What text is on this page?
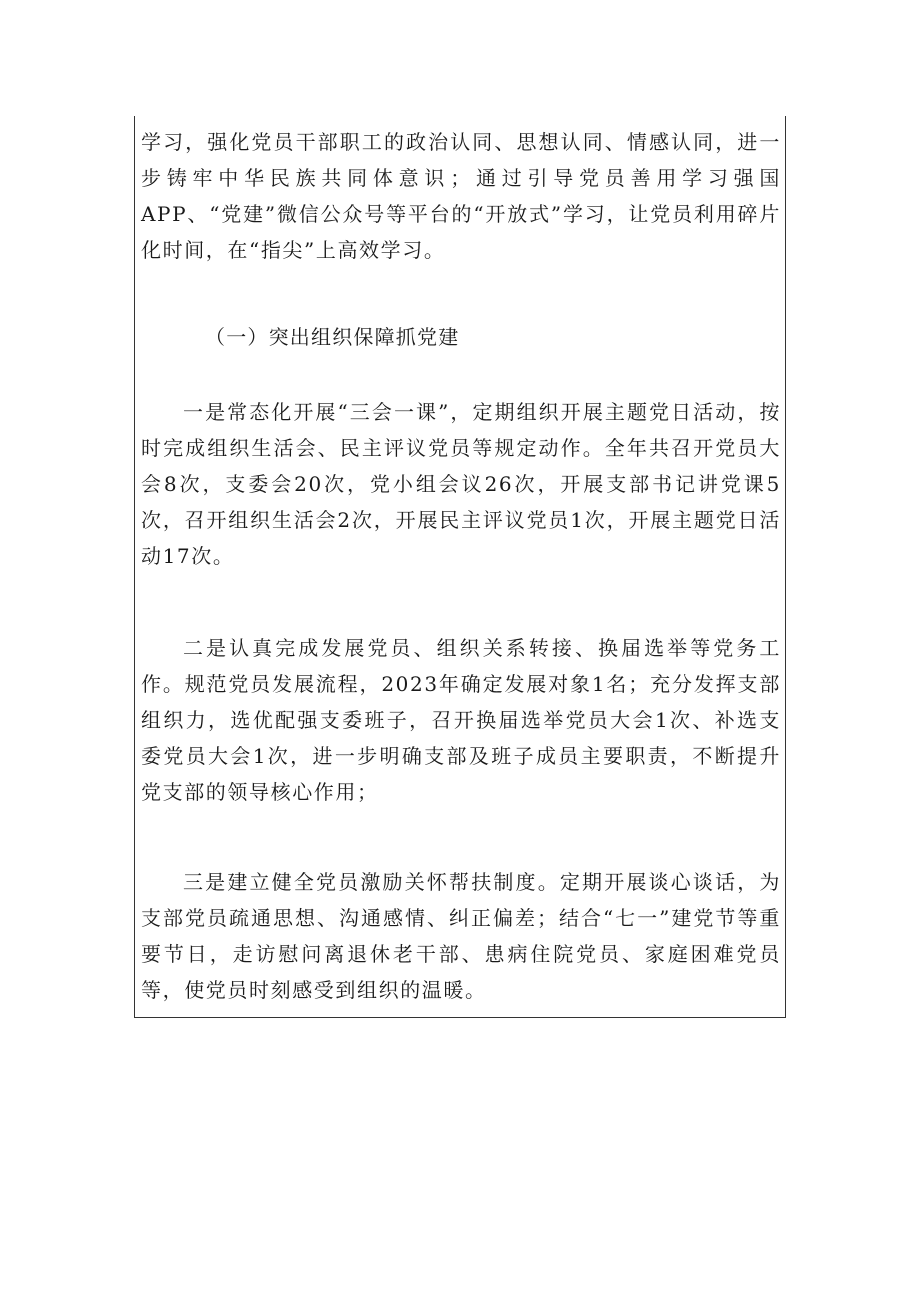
学习，强化党员干部职工的政治认同、思想认同、情感认同，进一步铸牢中华民族共同体意识；通过引导党员善用学习强国APP、“党建”微信公众号等平台的“开放式”学习，让党员利用碎片化时间，在“指尖”上高效学习。

（一）突出组织保障抓党建

一是常态化开展“三会一课”，定期组织开展主题党日活动，按时完成组织生活会、民主评议党员等规定动作。全年共召开党员大会8次，支委会20次，党小组会议26次，开展支部书记讲党课5次，召开组织生活会2次，开展民主评议党员1次，开展主题党日活动17次。

二是认真完成发展党员、组织关系转接、换届选举等党务工作。规范党员发展流程，2023年确定发展对象1名；充分发挥支部组织力，选优配强支委班子，召开换届选举党员大会1次、补选支委党员大会1次，进一步明确支部及班子成员主要职责，不断提升党支部的领导核心作用；

三是建立健全党员激励关怀帮扶制度。定期开展谈心谈话，为支部党员疏通思想、沟通感情、纠正偏差；结合“七一”建党节等重要节日，走访慰问离退休老干部、患病住院党员、家庭困难党员等，使党员时刻感受到组织的温暖。
